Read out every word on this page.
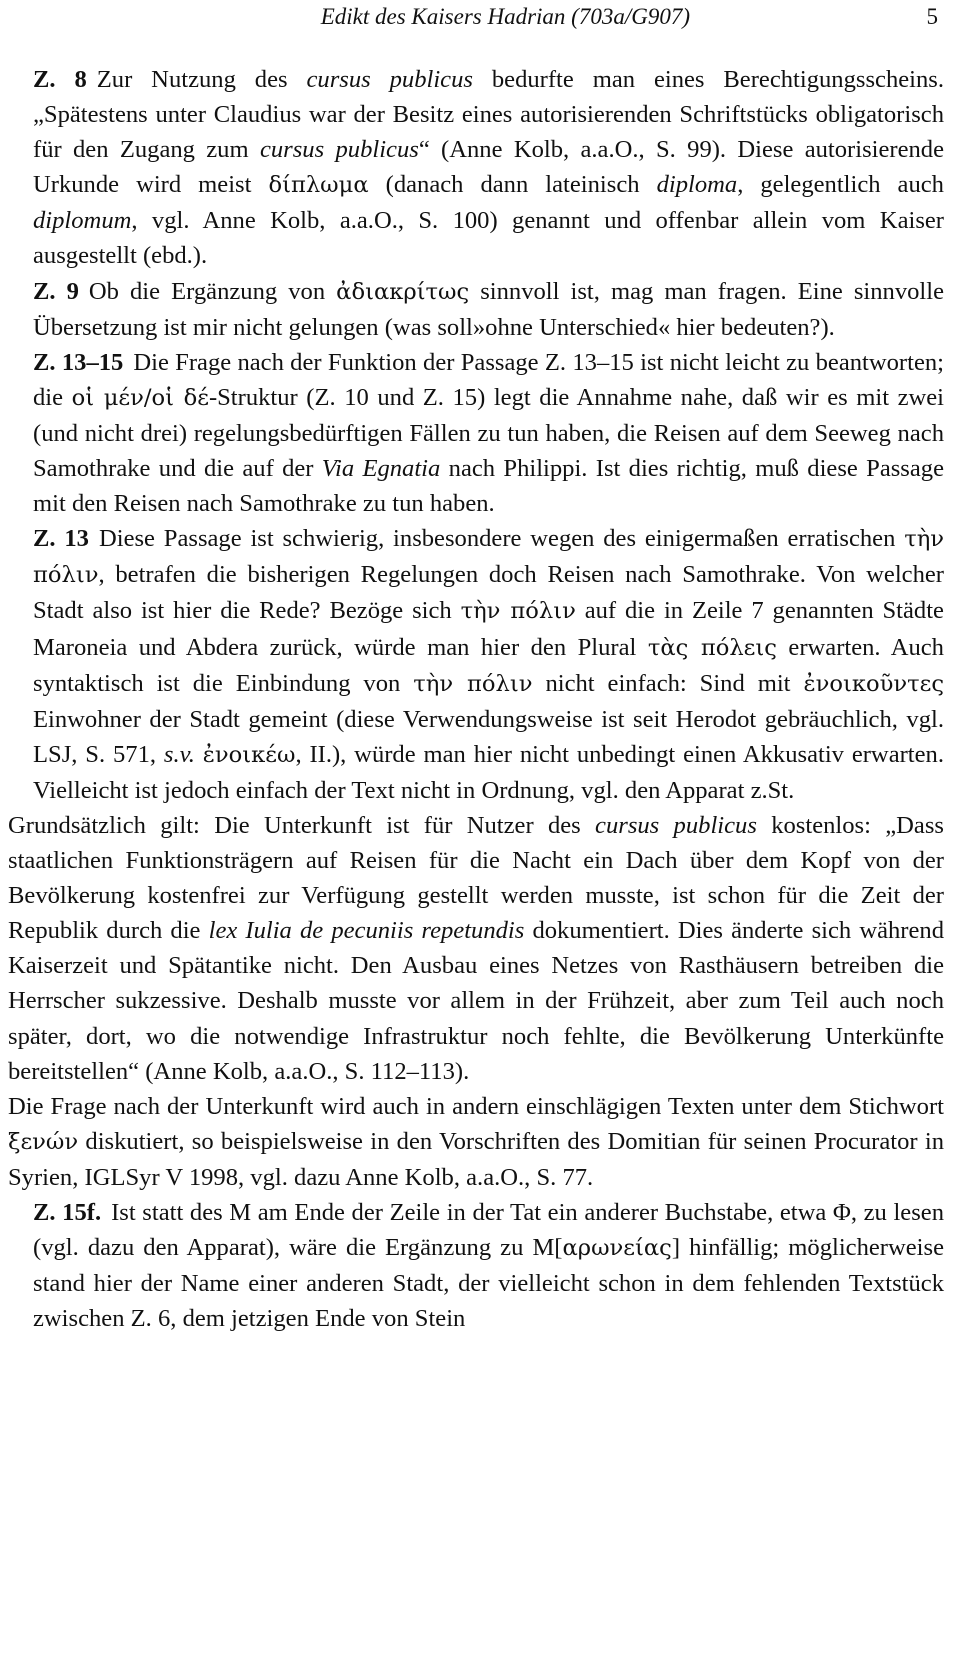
Edikt des Kaisers Hadrian (703a/G907)	5

Z. 8 Zur Nutzung des cursus publicus bedurfte man eines Berechtigungsscheins. „Spätestens unter Claudius war der Besitz eines autorisierenden Schriftstücks obligatorisch für den Zugang zum cursus publicus“ (Anne Kolb, a.a.O., S. 99). Diese autorisierende Urkunde wird meist δίπλωμα (danach dann lateinisch diploma, gelegentlich auch diplomum, vgl. Anne Kolb, a.a.O., S. 100) genannt und offenbar allein vom Kaiser ausgestellt (ebd.).

Z. 9 Ob die Ergänzung von ἀδιακρίτως sinnvoll ist, mag man fragen. Eine sinnvolle Übersetzung ist mir nicht gelungen (was soll»ohne Unterschied« hier bedeuten?).

Z. 13–15 Die Frage nach der Funktion der Passage Z. 13–15 ist nicht leicht zu beantworten; die οἱ μέν/οἱ δέ-Struktur (Z. 10 und Z. 15) legt die Annahme nahe, daß wir es mit zwei (und nicht drei) regelungsbedürftigen Fällen zu tun haben, die Reisen auf dem Seeweg nach Samothrake und die auf der Via Egnatia nach Philippi. Ist dies richtig, muß diese Passage mit den Reisen nach Samothrake zu tun haben.

Z. 13 Diese Passage ist schwierig, insbesondere wegen des einigermaßen erratischen τὴν πόλιν, betrafen die bisherigen Regelungen doch Reisen nach Samothrake. Von welcher Stadt also ist hier die Rede? Bezöge sich τὴν πόλιν auf die in Zeile 7 genannten Städte Maroneia und Abdera zurück, würde man hier den Plural τὰς πόλεις erwarten. Auch syntaktisch ist die Einbindung von τὴν πόλιν nicht einfach: Sind mit ἐνοικοῦντες Einwohner der Stadt gemeint (diese Verwendungsweise ist seit Herodot gebräuchlich, vgl. LSJ, S. 571, s.v. ἐνοικέω, II.), würde man hier nicht unbedingt einen Akkusativ erwarten. Vielleicht ist jedoch einfach der Text nicht in Ordnung, vgl. den Apparat z.St.

Grundsätzlich gilt: Die Unterkunft ist für Nutzer des cursus publicus kostenlos: „Dass staatlichen Funktionsträgern auf Reisen für die Nacht ein Dach über dem Kopf von der Bevölkerung kostenfrei zur Verfügung gestellt werden musste, ist schon für die Zeit der Republik durch die lex Iulia de pecuniis repetundis dokumentiert. Dies änderte sich während Kaiserzeit und Spätantike nicht. Den Ausbau eines Netzes von Rasthäusern betreiben die Herrscher sukzessive. Deshalb musste vor allem in der Frühzeit, aber zum Teil auch noch später, dort, wo die notwendige Infrastruktur noch fehlte, die Bevölkerung Unterkünfte bereitstellen“ (Anne Kolb, a.a.O., S. 112–113).

Die Frage nach der Unterkunft wird auch in andern einschlägigen Texten unter dem Stichwort ξενών diskutiert, so beispielsweise in den Vorschriften des Domitian für seinen Procurator in Syrien, IGLSyr V 1998, vgl. dazu Anne Kolb, a.a.O., S. 77.

Z. 15f. Ist statt des M am Ende der Zeile in der Tat ein anderer Buchstabe, etwa Φ, zu lesen (vgl. dazu den Apparat), wäre die Ergänzung zu M[αρωνείας] hinfällig; möglicherweise stand hier der Name einer anderen Stadt, der vielleicht schon in dem fehlenden Textstück zwischen Z. 6, dem jetzigen Ende von Stein
